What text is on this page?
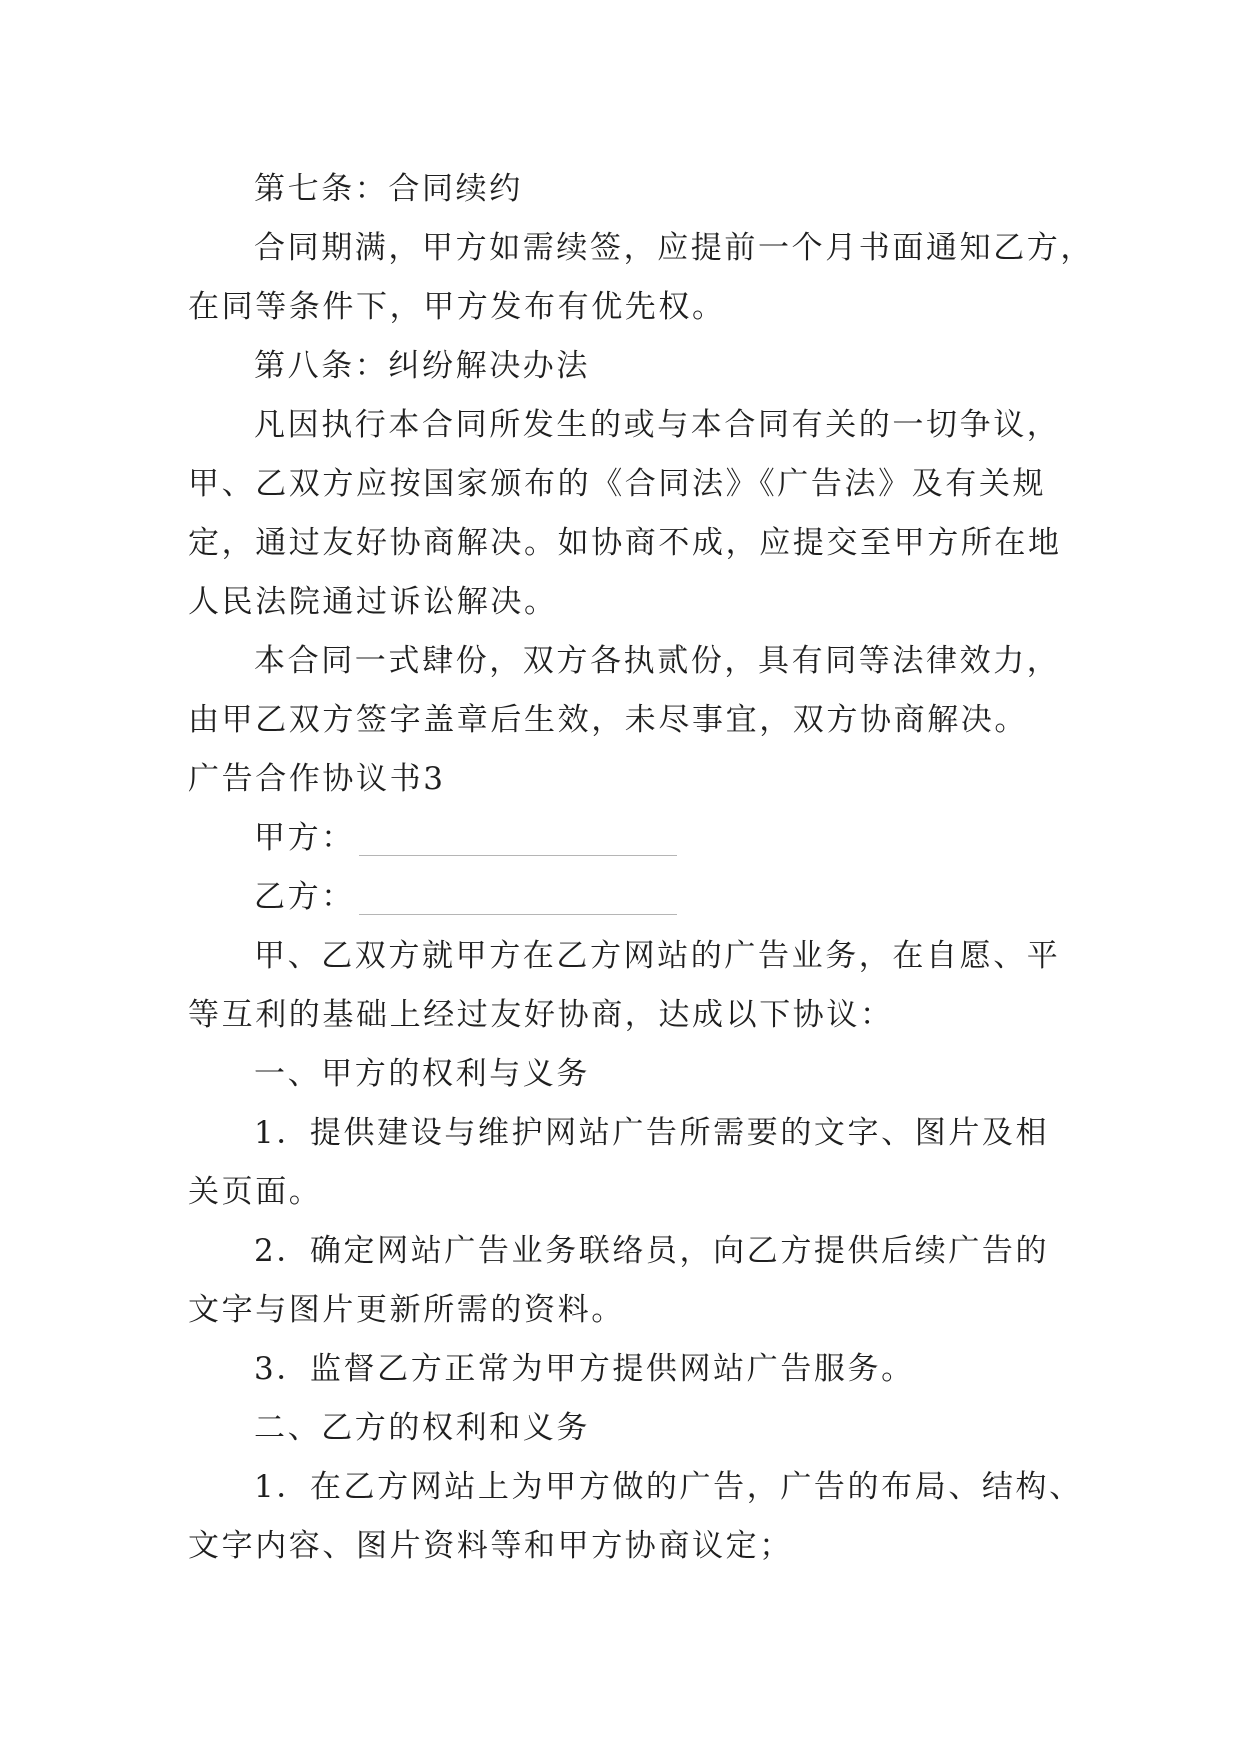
第七条：合同续约
合同期满，甲方如需续签，应提前一个月书面通知乙方，
在同等条件下，甲方发布有优先权。
第八条：纠纷解决办法
凡因执行本合同所发生的或与本合同有关的一切争议，
甲、乙双方应按国家颁布的《合同法》《广告法》及有关规
定，通过友好协商解决。如协商不成，应提交至甲方所在地
人民法院通过诉讼解决。
本合同一式肆份，双方各执贰份，具有同等法律效力，
由甲乙双方签字盖章后生效，未尽事宜，双方协商解决。
广告合作协议书3
甲方：
乙方：
甲、乙双方就甲方在乙方网站的广告业务，在自愿、平
等互利的基础上经过友好协商，达成以下协议：
一、甲方的权利与义务
1．提供建设与维护网站广告所需要的文字、图片及相
关页面。
2．确定网站广告业务联络员，向乙方提供后续广告的
文字与图片更新所需的资料。
3．监督乙方正常为甲方提供网站广告服务。
二、乙方的权利和义务
1．在乙方网站上为甲方做的广告，广告的布局、结构、
文字内容、图片资料等和甲方协商议定；
